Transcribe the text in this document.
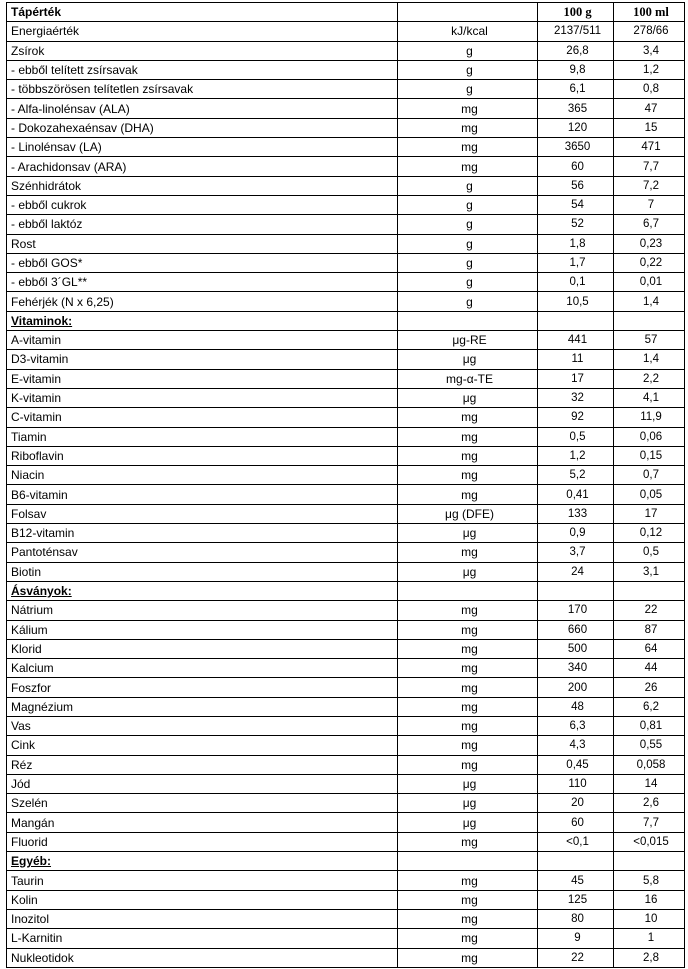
Tápérték		100 g	100 ml
Energiaérték	kJ/kcal	2137/511	278/66
Zsírok	g	26,8	3,4
- ebből telített zsírsavak	g	9,8	1,2
- többszörösen telítetlen zsírsavak	g	6,1	0,8
- Alfa-linolénsav (ALA)	mg	365	47
- Dokozahexaénsav (DHA)	mg	120	15
- Linolénsav (LA)	mg	3650	471
- Arachidonsav (ARA)	mg	60	7,7
Szénhidrátok	g	56	7,2
- ebből cukrok	g	54	7
- ebből laktóz	g	52	6,7
Rost	g	1,8	0,23
- ebből GOS*	g	1,7	0,22
- ebből 3´GL**	g	0,1	0,01
Fehérjék (N x 6,25)	g	10,5	1,4
Vitaminok:			
A-vitamin	μg-RE	441	57
D3-vitamin	μg	11	1,4
E-vitamin	mg-α-TE	17	2,2
K-vitamin	μg	32	4,1
C-vitamin	mg	92	11,9
Tiamin	mg	0,5	0,06
Riboflavin	mg	1,2	0,15
Niacin	mg	5,2	0,7
B6-vitamin	mg	0,41	0,05
Folsav	μg (DFE)	133	17
B12-vitamin	μg	0,9	0,12
Pantoténsav	mg	3,7	0,5
Biotin	μg	24	3,1
Ásványok:			
Nátrium	mg	170	22
Kálium	mg	660	87
Klorid	mg	500	64
Kalcium	mg	340	44
Foszfor	mg	200	26
Magnézium	mg	48	6,2
Vas	mg	6,3	0,81
Cink	mg	4,3	0,55
Réz	mg	0,45	0,058
Jód	μg	110	14
Szelén	μg	20	2,6
Mangán	μg	60	7,7
Fluorid	mg	<0,1	<0,015
Egyéb:			
Taurin	mg	45	5,8
Kolin	mg	125	16
Inozitol	mg	80	10
L-Karnitin	mg	9	1
Nukleotidok	mg	22	2,8
